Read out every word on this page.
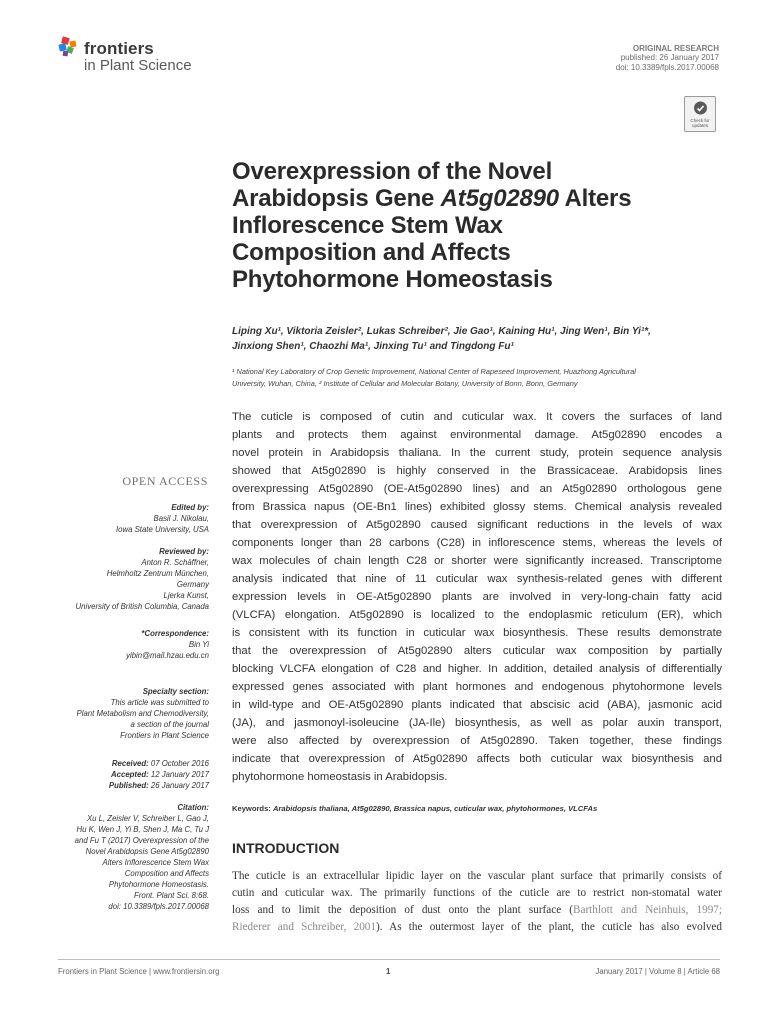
frontiers
in Plant Science
ORIGINAL RESEARCH
published: 26 January 2017
doi: 10.3389/fpls.2017.00068
Check for
updates
Overexpression of the Novel
Arabidopsis Gene At5g02890 Alters
Inflorescence Stem Wax
Composition and Affects
Phytohormone Homeostasis
Liping Xu¹, Viktoria Zeisler², Lukas Schreiber², Jie Gao¹, Kaining Hu¹, Jing Wen¹, Bin Yi¹*,
Jinxiong Shen¹, Chaozhi Ma¹, Jinxing Tu¹ and Tingdong Fu¹
¹ National Key Laboratory of Crop Genetic Improvement, National Center of Rapeseed Improvement, Huazhong Agricultural
University, Wuhan, China, ² Institute of Cellular and Molecular Botany, University of Bonn, Bonn, Germany
The cuticle is composed of cutin and cuticular wax. It covers the surfaces of land
plants and protects them against environmental damage. At5g02890 encodes a
novel protein in Arabidopsis thaliana. In the current study, protein sequence analysis
showed that At5g02890 is highly conserved in the Brassicaceae. Arabidopsis lines
overexpressing At5g02890 (OE-At5g02890 lines) and an At5g02890 orthologous gene
from Brassica napus (OE-Bn1 lines) exhibited glossy stems. Chemical analysis revealed
that overexpression of At5g02890 caused significant reductions in the levels of wax
components longer than 28 carbons (C28) in inflorescence stems, whereas the levels of
wax molecules of chain length C28 or shorter were significantly increased. Transcriptome
analysis indicated that nine of 11 cuticular wax synthesis-related genes with different
expression levels in OE-At5g02890 plants are involved in very-long-chain fatty acid
(VLCFA) elongation. At5g02890 is localized to the endoplasmic reticulum (ER), which
is consistent with its function in cuticular wax biosynthesis. These results demonstrate
that the overexpression of At5g02890 alters cuticular wax composition by partially
blocking VLCFA elongation of C28 and higher. In addition, detailed analysis of differentially
expressed genes associated with plant hormones and endogenous phytohormone levels
in wild-type and OE-At5g02890 plants indicated that abscisic acid (ABA), jasmonic acid
(JA), and jasmonoyl-isoleucine (JA-Ile) biosynthesis, as well as polar auxin transport,
were also affected by overexpression of At5g02890. Taken together, these findings
indicate that overexpression of At5g02890 affects both cuticular wax biosynthesis and
phytohormone homeostasis in Arabidopsis.
Keywords: Arabidopsis thaliana, At5g02890, Brassica napus, cuticular wax, phytohormones, VLCFAs
INTRODUCTION
The cuticle is an extracellular lipidic layer on the vascular plant surface that primarily consists of
cutin and cuticular wax. The primarily functions of the cuticle are to restrict non-stomatal water
loss and to limit the deposition of dust onto the plant surface (Barthlott and Neinhuis, 1997;
Riederer and Schreiber, 2001). As the outermost layer of the plant, the cuticle has also evolved
OPEN ACCESS
Edited by:
Basil J. Nikolau,
Iowa State University, USA
Reviewed by:
Anton R. Schäffner,
Helmholtz Zentrum München,
Germany
Ljerka Kunst,
University of British Columbia, Canada
*Correspondence:
Bin Yi
yibin@mail.hzau.edu.cn
Specialty section:
This article was submitted to
Plant Metabolism and Chemodiversity,
a section of the journal
Frontiers in Plant Science
Received: 07 October 2016
Accepted: 12 January 2017
Published: 26 January 2017
Citation:
Xu L, Zeisler V, Schreiber L, Gao J,
Hu K, Wen J, Yi B, Shen J, Ma C, Tu J
and Fu T (2017) Overexpression of the
Novel Arabidopsis Gene At5g02890
Alters Inflorescence Stem Wax
Composition and Affects
Phytohormone Homeostasis.
Front. Plant Sci. 8:68.
doi: 10.3389/fpls.2017.00068
Frontiers in Plant Science | www.frontiersin.org	1	January 2017 | Volume 8 | Article 68
